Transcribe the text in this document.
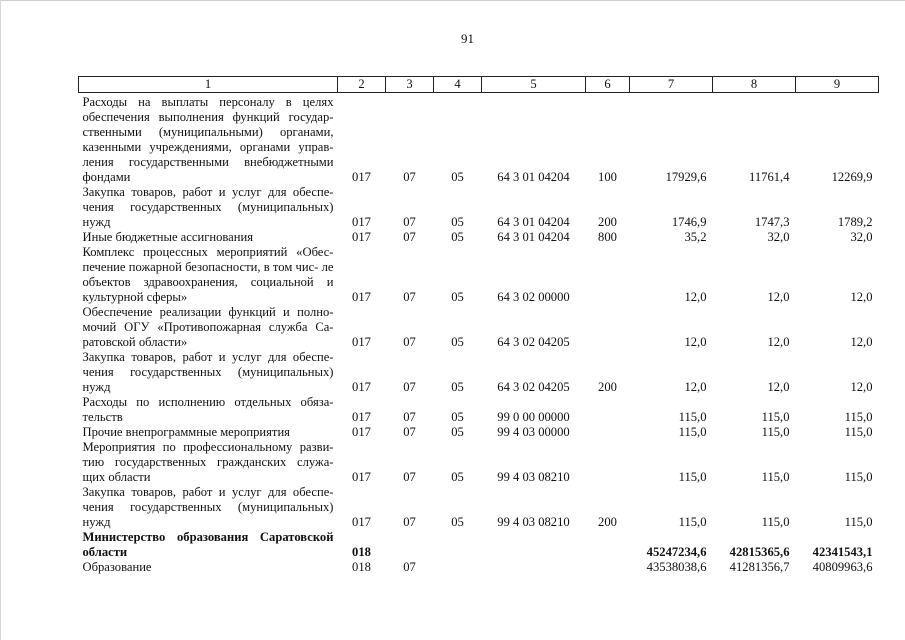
91
1	2	3	4	5	6	7	8	9
Расходы на выплаты персоналу в целях обеспечения выполнения функций государ- ственными (муниципальными) органами, казенными учреждениями, органами управ- ления государственными внебюджетными фондами	017	07	05	64 3 01 04204	100	17929,6	11761,4	12269,9
Закупка товаров, работ и услуг для обеспе- чения государственных (муниципальных) нужд	017	07	05	64 3 01 04204	200	1746,9	1747,3	1789,2
Иные бюджетные ассигнования	017	07	05	64 3 01 04204	800	35,2	32,0	32,0
Комплекс процессных мероприятий «Обес- печение пожарной безопасности, в том чис- ле объектов здравоохранения, социальной и культурной сферы»	017	07	05	64 3 02 00000		12,0	12,0	12,0
Обеспечение реализации функций и полно- мочий ОГУ «Противопожарная служба Са- ратовской области»	017	07	05	64 3 02 04205		12,0	12,0	12,0
Закупка товаров, работ и услуг для обеспе- чения государственных (муниципальных) нужд	017	07	05	64 3 02 04205	200	12,0	12,0	12,0
Расходы по исполнению отдельных обяза- тельств	017	07	05	99 0 00 00000		115,0	115,0	115,0
Прочие внепрограммные мероприятия	017	07	05	99 4 03 00000		115,0	115,0	115,0
Мероприятия по профессиональному разви- тию государственных гражданских служа- щих области	017	07	05	99 4 03 08210		115,0	115,0	115,0
Закупка товаров, работ и услуг для обеспе- чения государственных (муниципальных) нужд	017	07	05	99 4 03 08210	200	115,0	115,0	115,0
Министерство образования Саратовской области	018					45247234,6	42815365,6	42341543,1
Образование	018	07				43538038,6	41281356,7	40809963,6
